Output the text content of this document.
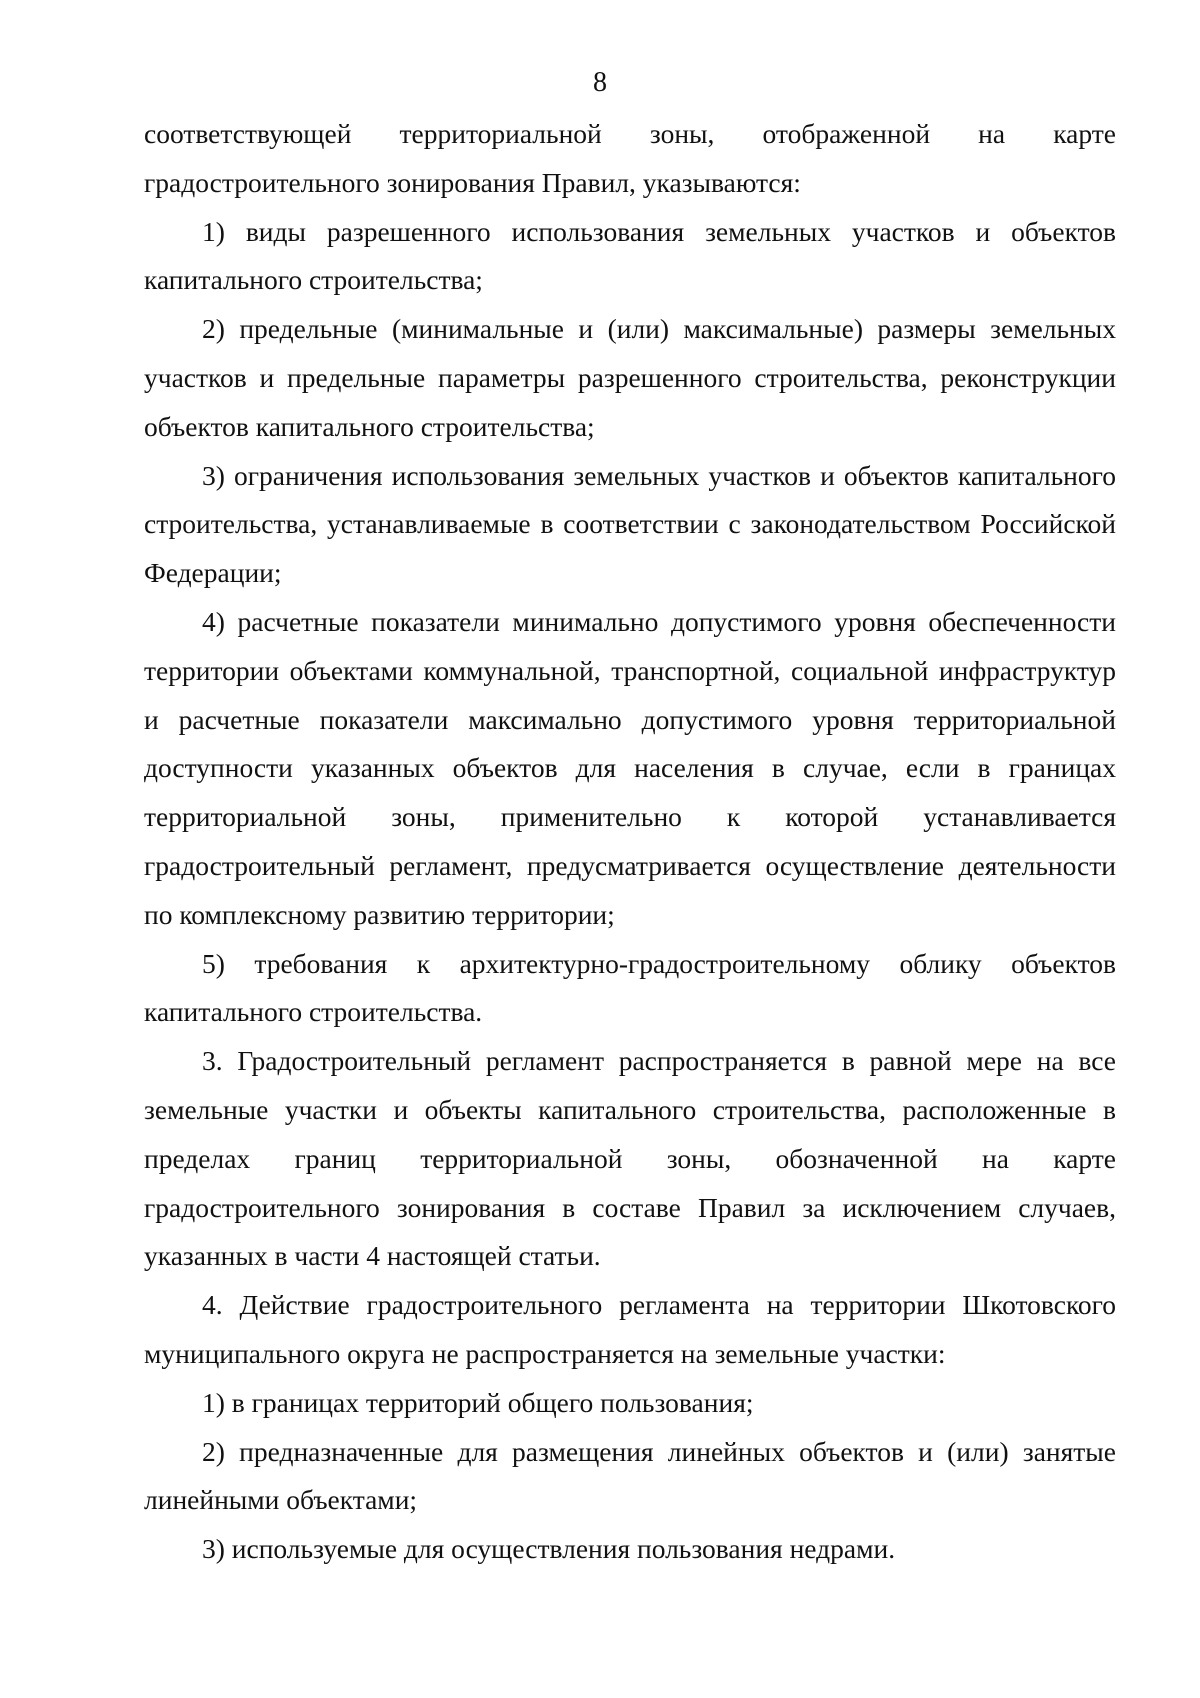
8

соответствующей территориальной зоны, отображенной на карте градостроительного зонирования Правил, указываются:

1) виды разрешенного использования земельных участков и объектов капитального строительства;

2) предельные (минимальные и (или) максимальные) размеры земельных участков и предельные параметры разрешенного строительства, реконструкции объектов капитального строительства;

3) ограничения использования земельных участков и объектов капитального строительства, устанавливаемые в соответствии с законодательством Российской Федерации;

4) расчетные показатели минимально допустимого уровня обеспеченности территории объектами коммунальной, транспортной, социальной инфраструктур и расчетные показатели максимально допустимого уровня территориальной доступности указанных объектов для населения в случае, если в границах территориальной зоны, применительно к которой устанавливается градостроительный регламент, предусматривается осуществление деятельности по комплексному развитию территории;

5) требования к архитектурно-градостроительному облику объектов капитального строительства.

3. Градостроительный регламент распространяется в равной мере на все земельные участки и объекты капитального строительства, расположенные в пределах границ территориальной зоны, обозначенной на карте градостроительного зонирования в составе Правил за исключением случаев, указанных в части 4 настоящей статьи.

4. Действие градостроительного регламента на территории Шкотовского муниципального округа не распространяется на земельные участки:

1) в границах территорий общего пользования;

2) предназначенные для размещения линейных объектов и (или) занятые линейными объектами;

3) используемые для осуществления пользования недрами.
